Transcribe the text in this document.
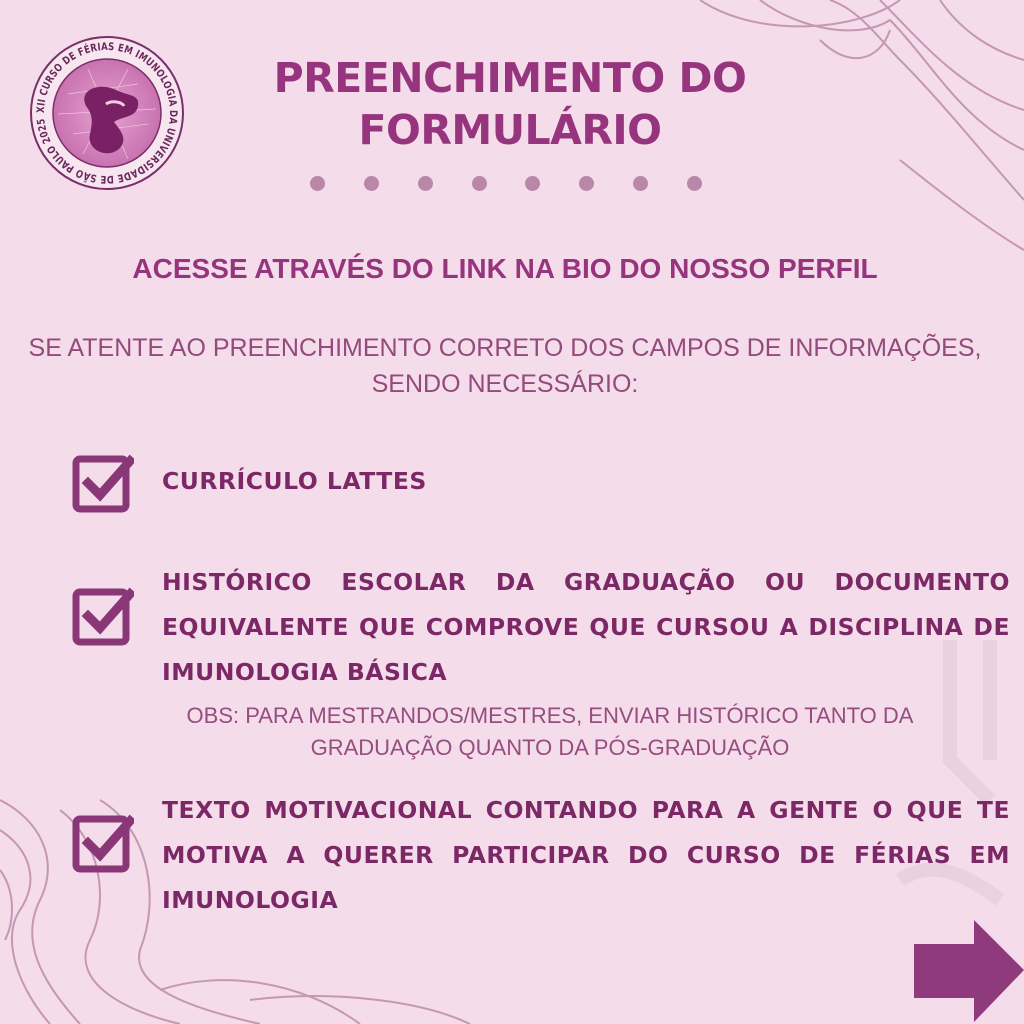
XII CURSO DE FÉRIAS EM IMUNOLOGIA DA UNIVERSIDADE DE SÃO PAULO 2025
PREENCHIMENTO DO
FORMULÁRIO
ACESSE ATRAVÉS DO LINK NA BIO DO NOSSO PERFIL
SE ATENTE AO PREENCHIMENTO CORRETO DOS CAMPOS DE INFORMAÇÕES,
SENDO NECESSÁRIO:
CURRÍCULO LATTES
HISTÓRICO ESCOLAR DA GRADUAÇÃO OU DOCUMENTO EQUIVALENTE QUE COMPROVE QUE CURSOU A DISCIPLINA DE IMUNOLOGIA BÁSICA
OBS: PARA MESTRANDOS/MESTRES, ENVIAR HISTÓRICO TANTO DA
GRADUAÇÃO QUANTO DA PÓS-GRADUAÇÃO
TEXTO MOTIVACIONAL CONTANDO PARA A GENTE O QUE TE MOTIVA A QUERER PARTICIPAR DO CURSO DE FÉRIAS EM IMUNOLOGIA
